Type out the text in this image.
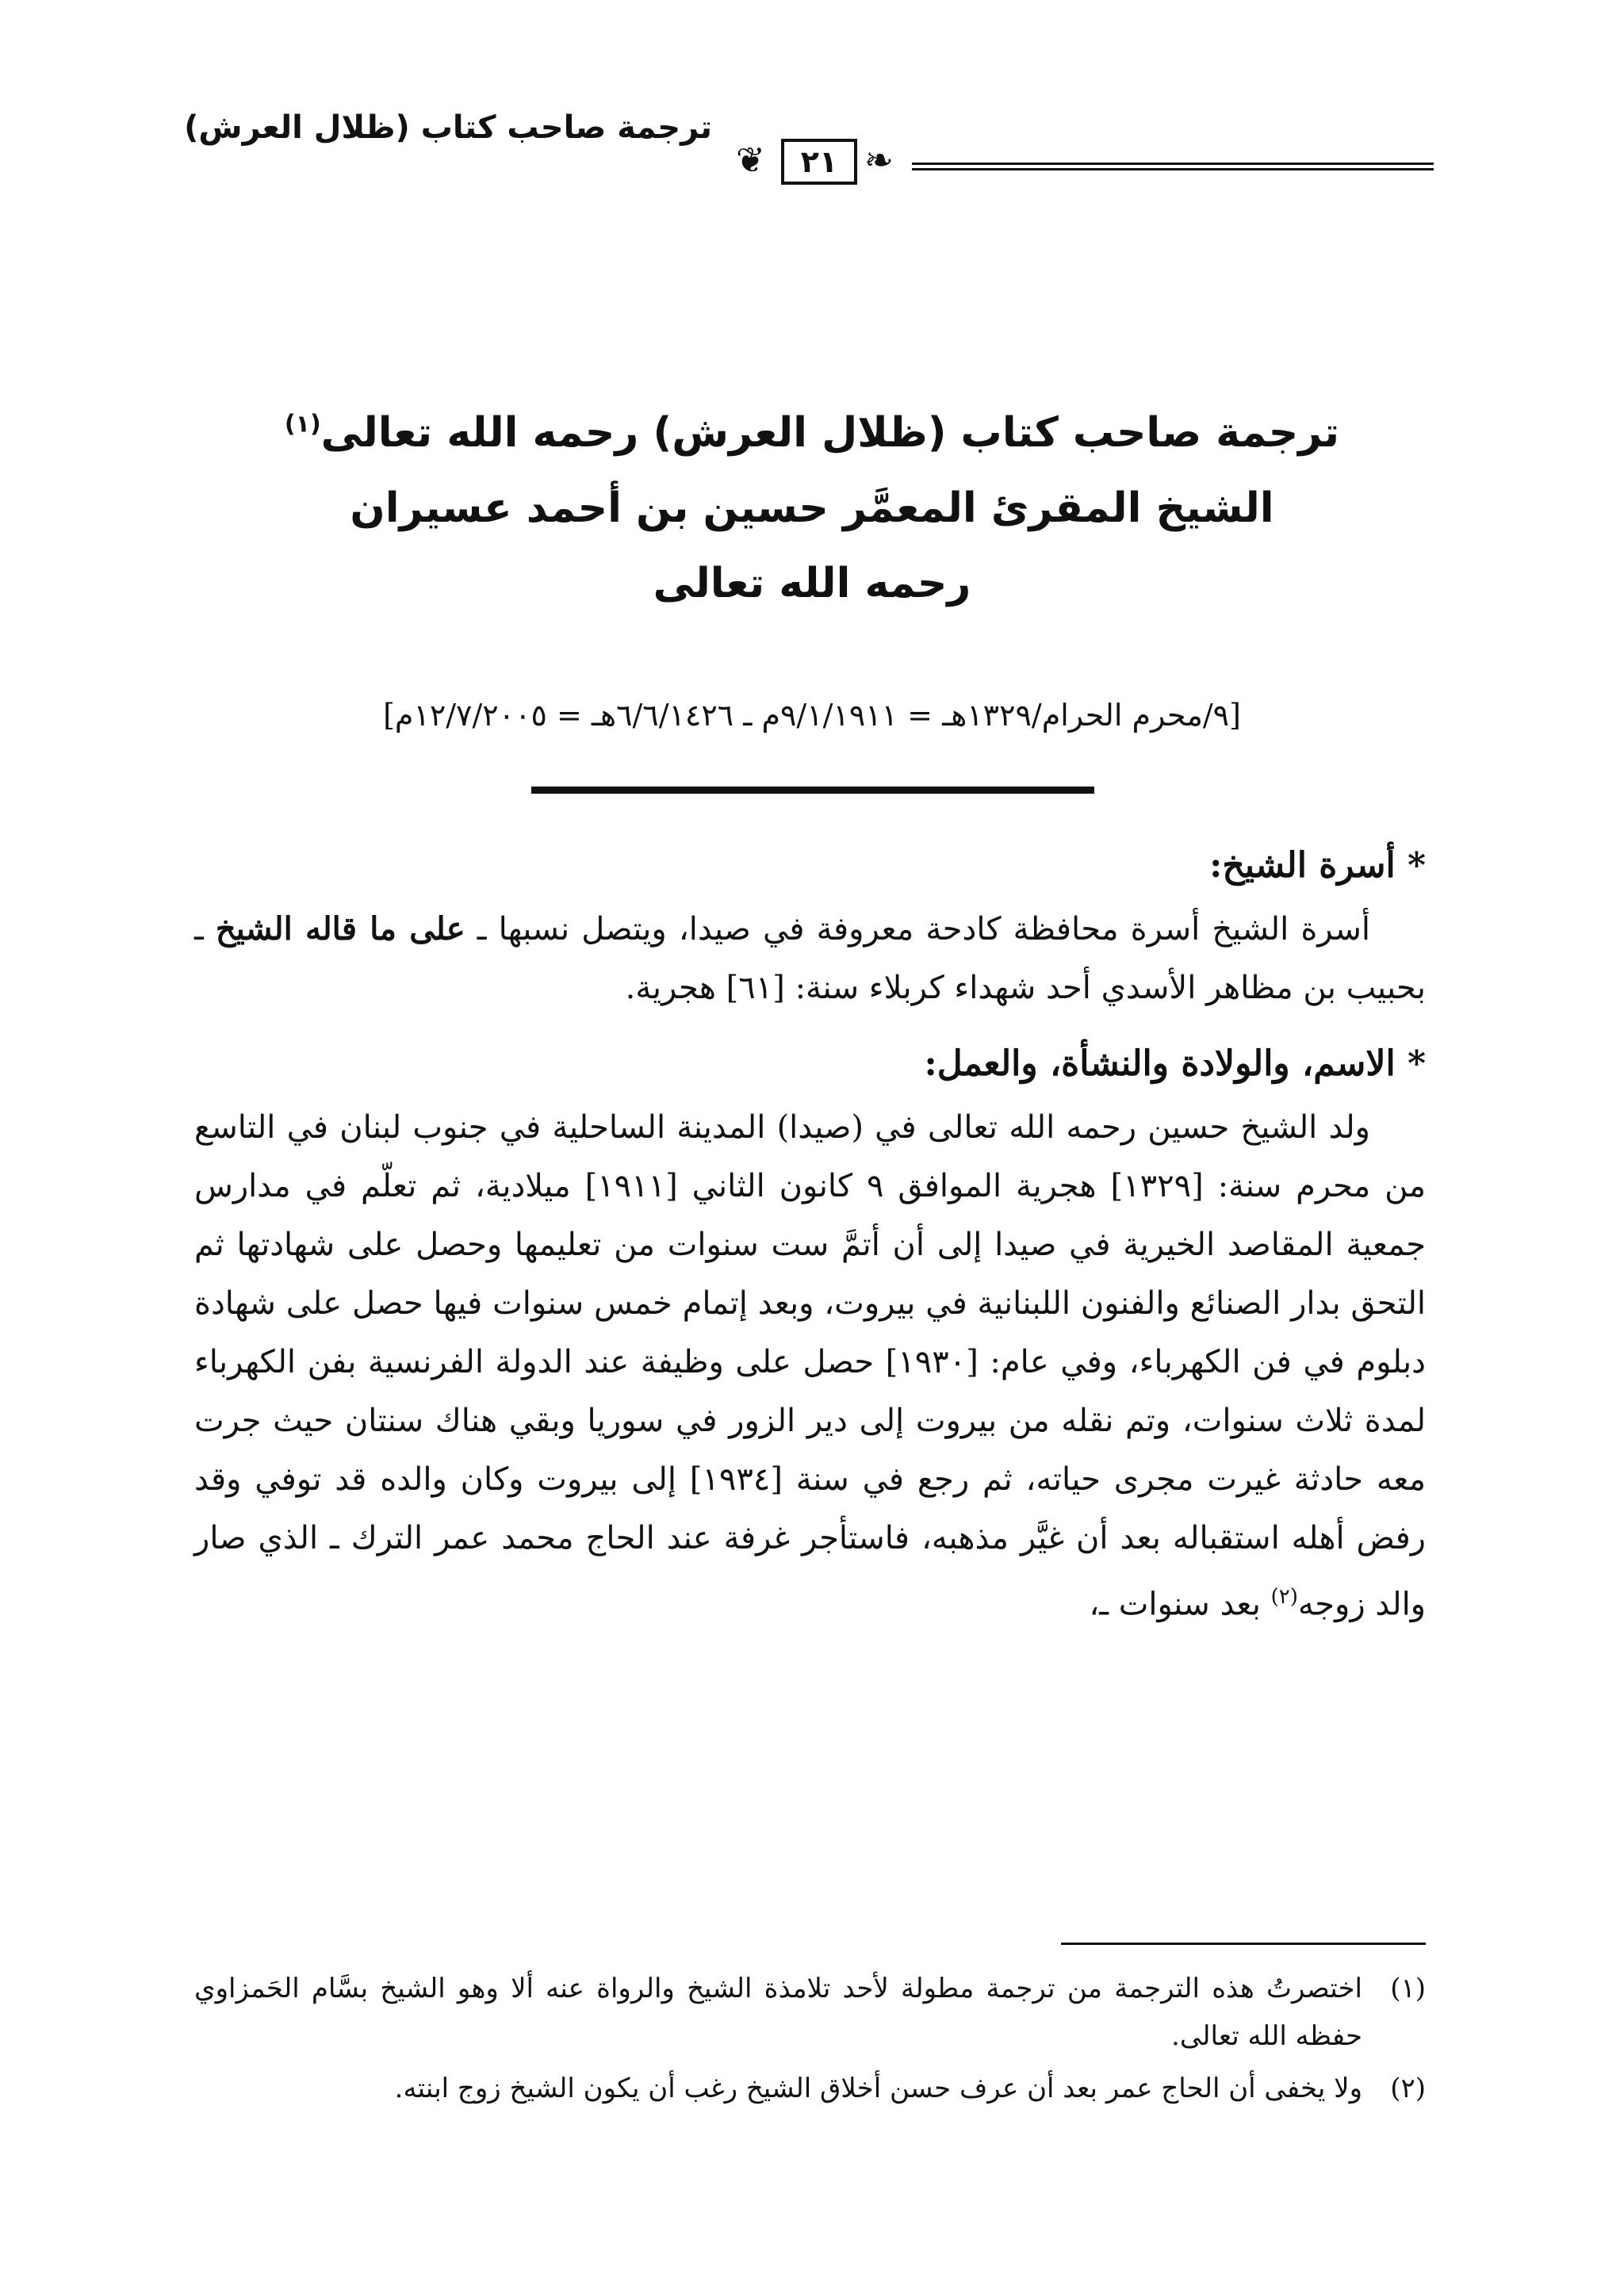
ترجمة صاحب كتاب (ظلال العرش)
❦	٢١ ❧
ترجمة صاحب كتاب (ظلال العرش) رحمه الله تعالى$^{(١)}$
الشيخ المقرئ المعمَّر حسين بن أحمد عسيران
رحمه الله تعالى
[٩/محرم الحرام/١٣٢٩هـ = ٩/١/١٩١١م ـ ٦/٦/١٤٢٦هـ = ١٢/٧/٢٠٠٥م]
* أسرة الشيخ:

أسرة الشيخ أسرة محافظة كادحة معروفة في صيدا، ويتصل نسبها ـ على ما قاله الشيخ ـ بحبيب بن مظاهر الأسدي أحد شهداء كربلاء سنة: [٦١] هجرية.

* الاسم، والولادة والنشأة، والعمل:

ولد الشيخ حسين رحمه الله تعالى في (صيدا) المدينة الساحلية في جنوب لبنان في التاسع من محرم سنة: [١٣٢٩] هجرية الموافق ٩ كانون الثاني [١٩١١] ميلادية، ثم تعلّم في مدارس جمعية المقاصد الخيرية في صيدا إلى أن أتمَّ ست سنوات من تعليمها وحصل على شهادتها ثم التحق بدار الصنائع والفنون اللبنانية في بيروت، وبعد إتمام خمس سنوات فيها حصل على شهادة دبلوم في فن الكهرباء، وفي عام: [١٩٣٠] حصل على وظيفة عند الدولة الفرنسية بفن الكهرباء لمدة ثلاث سنوات، وتم نقله من بيروت إلى دير الزور في سوريا وبقي هناك سنتان حيث جرت معه حادثة غيرت مجرى حياته، ثم رجع في سنة [١٩٣٤] إلى بيروت وكان والده قد توفي وقد رفض أهله استقباله بعد أن غيَّر مذهبه، فاستأجر غرفة عند الحاج محمد عمر الترك ـ الذي صار والد زوجه$^{(٢)}$ بعد سنوات ـ،

(١)
اختصرتُ هذه الترجمة من ترجمة مطولة لأحد تلامذة الشيخ والرواة عنه ألا وهو الشيخ بسَّام الحَمزاوي حفظه الله تعالى.
(٢)
ولا يخفى أن الحاج عمر بعد أن عرف حسن أخلاق الشيخ رغب أن يكون الشيخ زوج ابنته.
